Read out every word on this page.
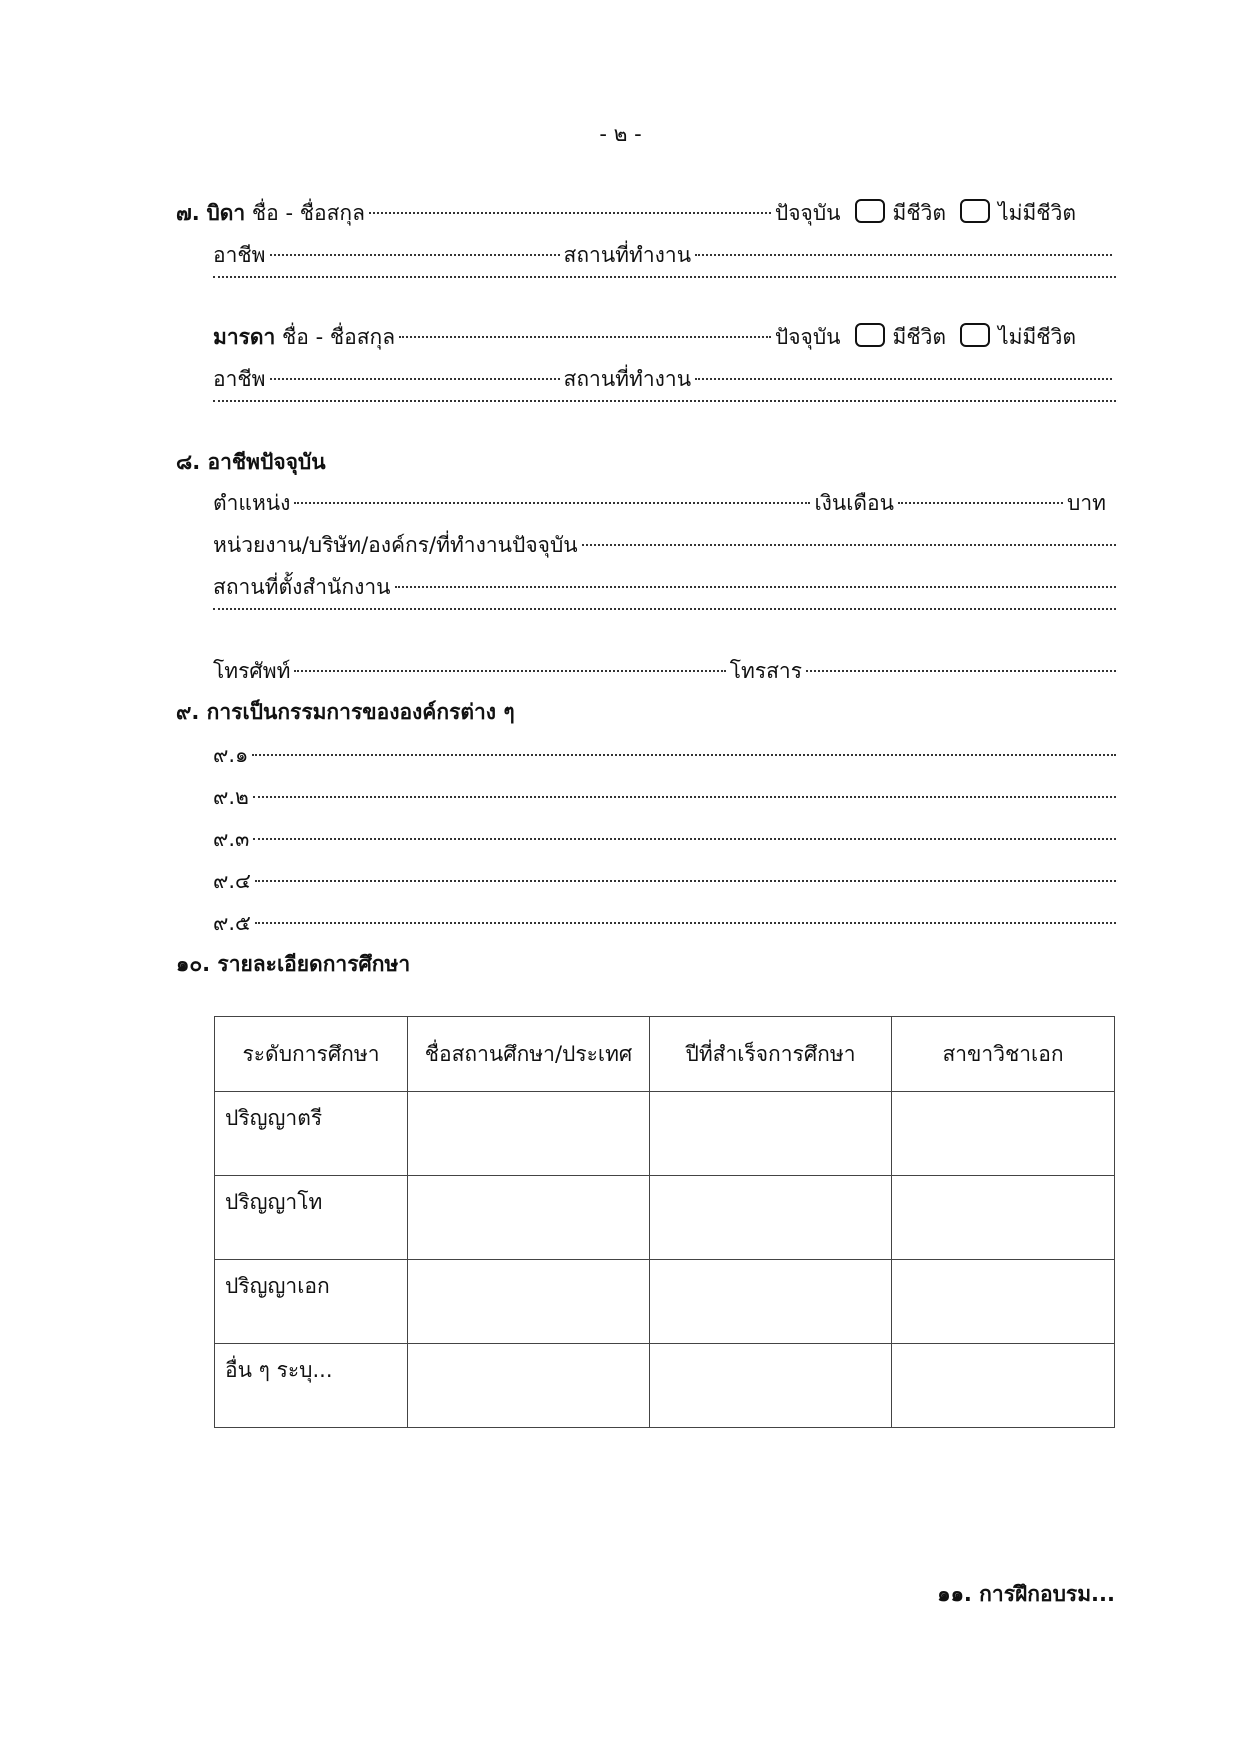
- ๒ -
๗.
บิดา
ชื่อ - ชื่อสกุล	ปัจจุบัน มีชีวิต ไม่มีชีวิต
อาชีพ	สถานที่ทำงาน
มารดา
ชื่อ - ชื่อสกุล	ปัจจุบัน มีชีวิต ไม่มีชีวิต
อาชีพ	สถานที่ทำงาน
๘. อาชีพปัจจุบัน
ตำแหน่ง	เงินเดือน	บาท
หน่วยงาน/บริษัท/องค์กร/ที่ทำงานปัจจุบัน
สถานที่ตั้งสำนักงาน
โทรศัพท์	โทรสาร
๙. การเป็นกรรมการขององค์กรต่าง ๆ
๙.๑
๙.๒
๙.๓
๙.๔
๙.๕
๑๐. รายละเอียดการศึกษา
ระดับการศึกษา	ชื่อสถานศึกษา/ประเทศ	ปีที่สำเร็จการศึกษา	สาขาวิชาเอก
ปริญญาตรี			
ปริญญาโท			
ปริญญาเอก			
อื่น ๆ ระบุ...			
๑๑. การฝึกอบรม...
